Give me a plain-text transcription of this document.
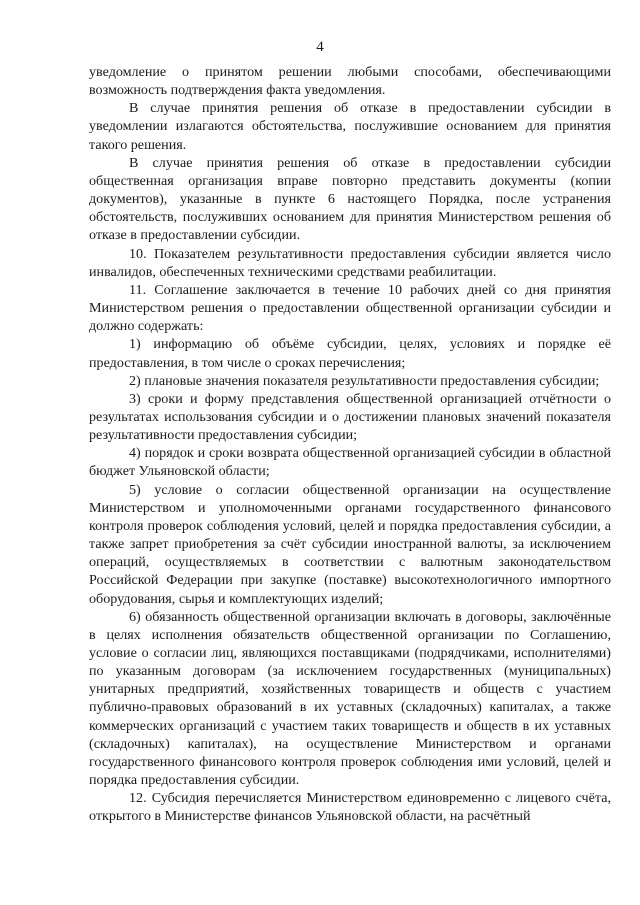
4

уведомление о принятом решении любыми способами, обеспечивающими возможность подтверждения факта уведомления.

В случае принятия решения об отказе в предоставлении субсидии в уведомлении излагаются обстоятельства, послужившие основанием для принятия такого решения.

В случае принятия решения об отказе в предоставлении субсидии общественная организация вправе повторно представить документы (копии документов), указанные в пункте 6 настоящего Порядка, после устранения обстоятельств, послуживших основанием для принятия Министерством решения об отказе в предоставлении субсидии.

10. Показателем результативности предоставления субсидии является число инвалидов, обеспеченных техническими средствами реабилитации.

11. Соглашение заключается в течение 10 рабочих дней со дня принятия Министерством решения о предоставлении общественной организации субсидии и должно содержать:

1) информацию об объёме субсидии, целях, условиях и порядке её предоставления, в том числе о сроках перечисления;

2) плановые значения показателя результативности предоставления субсидии;

3) сроки и форму представления общественной организацией отчётности о результатах использования субсидии и о достижении плановых значений показателя результативности предоставления субсидии;

4) порядок и сроки возврата общественной организацией субсидии в областной бюджет Ульяновской области;

5) условие о согласии общественной организации на осуществление Министерством и уполномоченными органами государственного финансового контроля проверок соблюдения условий, целей и порядка предоставления субсидии, а также запрет приобретения за счёт субсидии иностранной валюты, за исключением операций, осуществляемых в соответствии с валютным законодательством Российской Федерации при закупке (поставке) высокотехнологичного импортного оборудования, сырья и комплектующих изделий;

6) обязанность общественной организации включать в договоры, заключённые в целях исполнения обязательств общественной организации по Соглашению, условие о согласии лиц, являющихся поставщиками (подрядчиками, исполнителями) по указанным договорам (за исключением государственных (муниципальных) унитарных предприятий, хозяйственных товариществ и обществ с участием публично-правовых образований в их уставных (складочных) капиталах, а также коммерческих организаций с участием таких товариществ и обществ в их уставных (складочных) капиталах), на осуществление Министерством и органами государственного финансового контроля проверок соблюдения ими условий, целей и порядка предоставления субсидии.

12. Субсидия перечисляется Министерством единовременно с лицевого счёта, открытого в Министерстве финансов Ульяновской области, на расчётный
